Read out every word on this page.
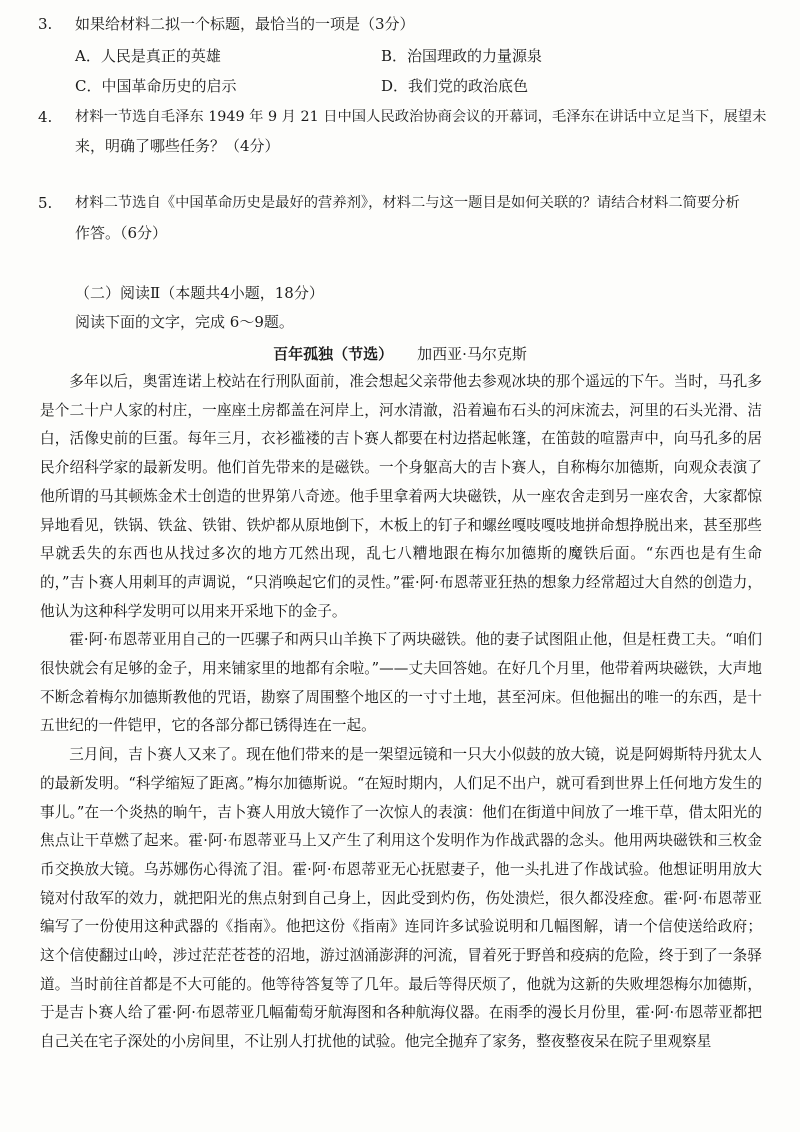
3. 如果给材料二拟一个标题，最恰当的一项是（3分）
A．人民是真正的英雄	B．治国理政的力量源泉
C．中国革命历史的启示	D．我们党的政治底色
4. 材料一节选自毛泽东 1949 年 9 月 21 日中国人民政治协商会议的开幕词，毛泽东在讲话中立足当下，展望未
来，明确了哪些任务？（4分）
5. 材料二节选自《中国革命历史是最好的营养剂》，材料二与这一题目是如何关联的？请结合材料二简要分析
作答。（6分）
（二）阅读Ⅱ（本题共4小题，18分）
阅读下面的文字，完成 6～9题。
百年孤独（节选） 加西亚·马尔克斯

多年以后，奥雷连诺上校站在行刑队面前，准会想起父亲带他去参观冰块的那个遥远的下午。当时，马孔多是个二十户人家的村庄，一座座土房都盖在河岸上，河水清澈，沿着遍布石头的河床流去，河里的石头光滑、洁白，活像史前的巨蛋。每年三月，衣衫褴褛的吉卜赛人都要在村边搭起帐篷，在笛鼓的喧嚣声中，向马孔多的居民介绍科学家的最新发明。他们首先带来的是磁铁。一个身躯高大的吉卜赛人，自称梅尔加德斯，向观众表演了他所谓的马其顿炼金术士创造的世界第八奇迹。他手里拿着两大块磁铁，从一座农舍走到另一座农舍，大家都惊异地看见，铁锅、铁盆、铁钳、铁炉都从原地倒下，木板上的钉子和螺丝嘎吱嘎吱地拼命想挣脱出来，甚至那些早就丢失的东西也从找过多次的地方兀然出现，乱七八糟地跟在梅尔加德斯的魔铁后面。“东西也是有生命的，”吉卜赛人用刺耳的声调说，“只消唤起它们的灵性。”霍·阿·布恩蒂亚狂热的想象力经常超过大自然的创造力，他认为这种科学发明可以用来开采地下的金子。

霍·阿·布恩蒂亚用自己的一匹骡子和两只山羊换下了两块磁铁。他的妻子试图阻止他，但是枉费工夫。“咱们很快就会有足够的金子，用来铺家里的地都有余啦。”——丈夫回答她。在好几个月里，他带着两块磁铁，大声地不断念着梅尔加德斯教他的咒语，勘察了周围整个地区的一寸寸土地，甚至河床。但他掘出的唯一的东西，是十五世纪的一件铠甲，它的各部分都已锈得连在一起。

三月间，吉卜赛人又来了。现在他们带来的是一架望远镜和一只大小似鼓的放大镜，说是阿姆斯特丹犹太人的最新发明。“科学缩短了距离。”梅尔加德斯说。“在短时期内，人们足不出户，就可看到世界上任何地方发生的事儿。”在一个炎热的晌午，吉卜赛人用放大镜作了一次惊人的表演：他们在街道中间放了一堆干草，借太阳光的焦点让干草燃了起来。霍·阿·布恩蒂亚马上又产生了利用这个发明作为作战武器的念头。他用两块磁铁和三枚金币交换放大镜。乌苏娜伤心得流了泪。霍·阿·布恩蒂亚无心抚慰妻子，他一头扎进了作战试验。他想证明用放大镜对付敌军的效力，就把阳光的焦点射到自己身上，因此受到灼伤，伤处溃烂，很久都没痊愈。霍·阿·布恩蒂亚编写了一份使用这种武器的《指南》。他把这份《指南》连同许多试验说明和几幅图解，请一个信使送给政府；这个信使翻过山岭，涉过茫茫苍苍的沼地，游过汹涌澎湃的河流，冒着死于野兽和疫病的危险，终于到了一条驿道。当时前往首都是不大可能的。他等待答复等了几年。最后等得厌烦了，他就为这新的失败埋怨梅尔加德斯，于是吉卜赛人给了霍·阿·布恩蒂亚几幅葡萄牙航海图和各种航海仪器。在雨季的漫长月份里，霍·阿·布恩蒂亚都把自己关在宅子深处的小房间里，不让别人打扰他的试验。他完全抛弃了家务，整夜整夜呆在院子里观察星
